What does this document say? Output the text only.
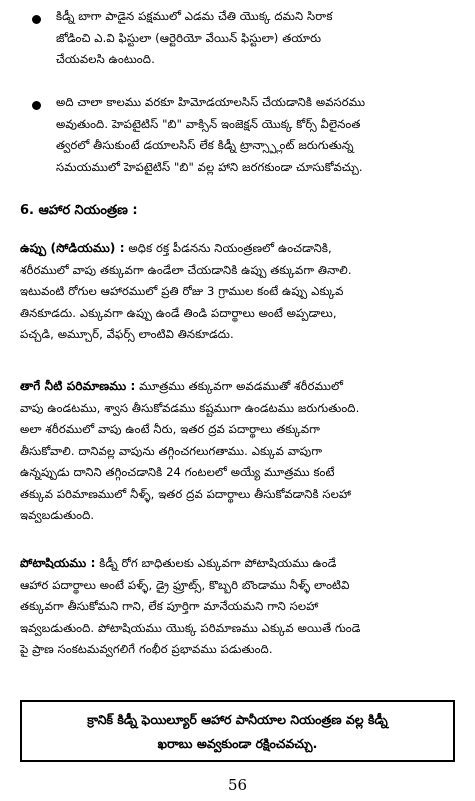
కిడ్నీ బాగా పాడైన పక్షములో ఎడమ చేతి యొక్క దమని సిరాక
జోడించి ఎ.వి ఫిస్టులా (ఆర్టెరియో వేయిన్ ఫిస్టులా) తయారు
చేయవలసి ఉంటుంది.
అది చాలా కాలము వరకూ హిమోడయాలసిస్ చేయడానికి అవసరము
అవుతుంది. హెపటైటిస్ "బి" వాక్సిన్ ఇంజెక్షన్ యొక్క కోర్స్ వీలైనంత
త్వరలో తీసుకుంటే డయాలసిస్ లేక కిడ్నీ ట్రాన్స్ప్లాంట్ జరుగుతున్న
సమయములో హెపటైటిస్ "బి" వల్ల హాని జరగకుండా చూసుకోవచ్చు.
6. ఆహార నియంత్రణ :
ఉప్పు (సోడియము) : అధిక రక్త పీడనను నియంత్రణలో ఉంచడానికి,
శరీరములో వాపు తక్కువగా ఉండేలా చేయడానికి ఉప్పు తక్కువగా తినాలి.
ఇటువంటి రోగుల ఆహారములో ప్రతి రోజు 3 గ్రాముల కంటే ఉప్పు ఎక్కువ
తినకూడదు. ఎక్కువగా ఉప్పు ఉండే తిండి పదార్థాలు అంటే అప్పడాలు,
పచ్చడి, అమ్చూర్, వేఫర్స్ లాంటివి తినకూడదు.
తాగే నీటి పరిమాణము : మూత్రము తక్కువగా అవడముతో శరీరములో
వాపు ఉండటము, శ్వాస తీసుకోవడము కష్టముగా ఉండటము జరుగుతుంది.
అలా శరీరములో వాపు ఉంటే నీరు, ఇతర ద్రవ పదార్థాలు తక్కువగా
తీసుకోవాలి. దానివల్ల వాపును తగ్గించగలుగతాము. ఎక్కువ వాపుగా
ఉన్నప్పుడు దానిని తగ్గించడానికి 24 గంటలలో అయ్యే మూత్రము కంటే
తక్కువ పరిమాణములో నీళ్ళ్, ఇతర ద్రవ పదార్థాలు తీసుకోవడానికి సలహా
ఇవ్వబడుతుంది.
పోటాషియము : కిడ్నీ రోగ బాధితులకు ఎక్కువగా పోటాషియము ఉండే
ఆహార పదార్థాలు అంటే పళ్ళ్, డ్రై ఫ్రూట్స్, కొబ్బరి బొండాము నీళ్ళ్ లాంటివి
తక్కువగా తీసుకోమని గాని, లేక పూర్తిగా మానేయమని గాని సలహా
ఇవ్వబడుతుంది. పోటాషియము యొక్క పరిమాణము ఎక్కువ అయితే గుండె
పై ప్రాణ సంకటమవ్వగలిగే గంభీర ప్రభావము పడుతుంది.
క్రానిక్ కిడ్నీ ఫెయిల్యూర్ ఆహార పానీయాల నియంత్రణ వల్ల కిడ్నీ
ఖరాబు అవ్వకుండా రక్షించవచ్చు.
56
